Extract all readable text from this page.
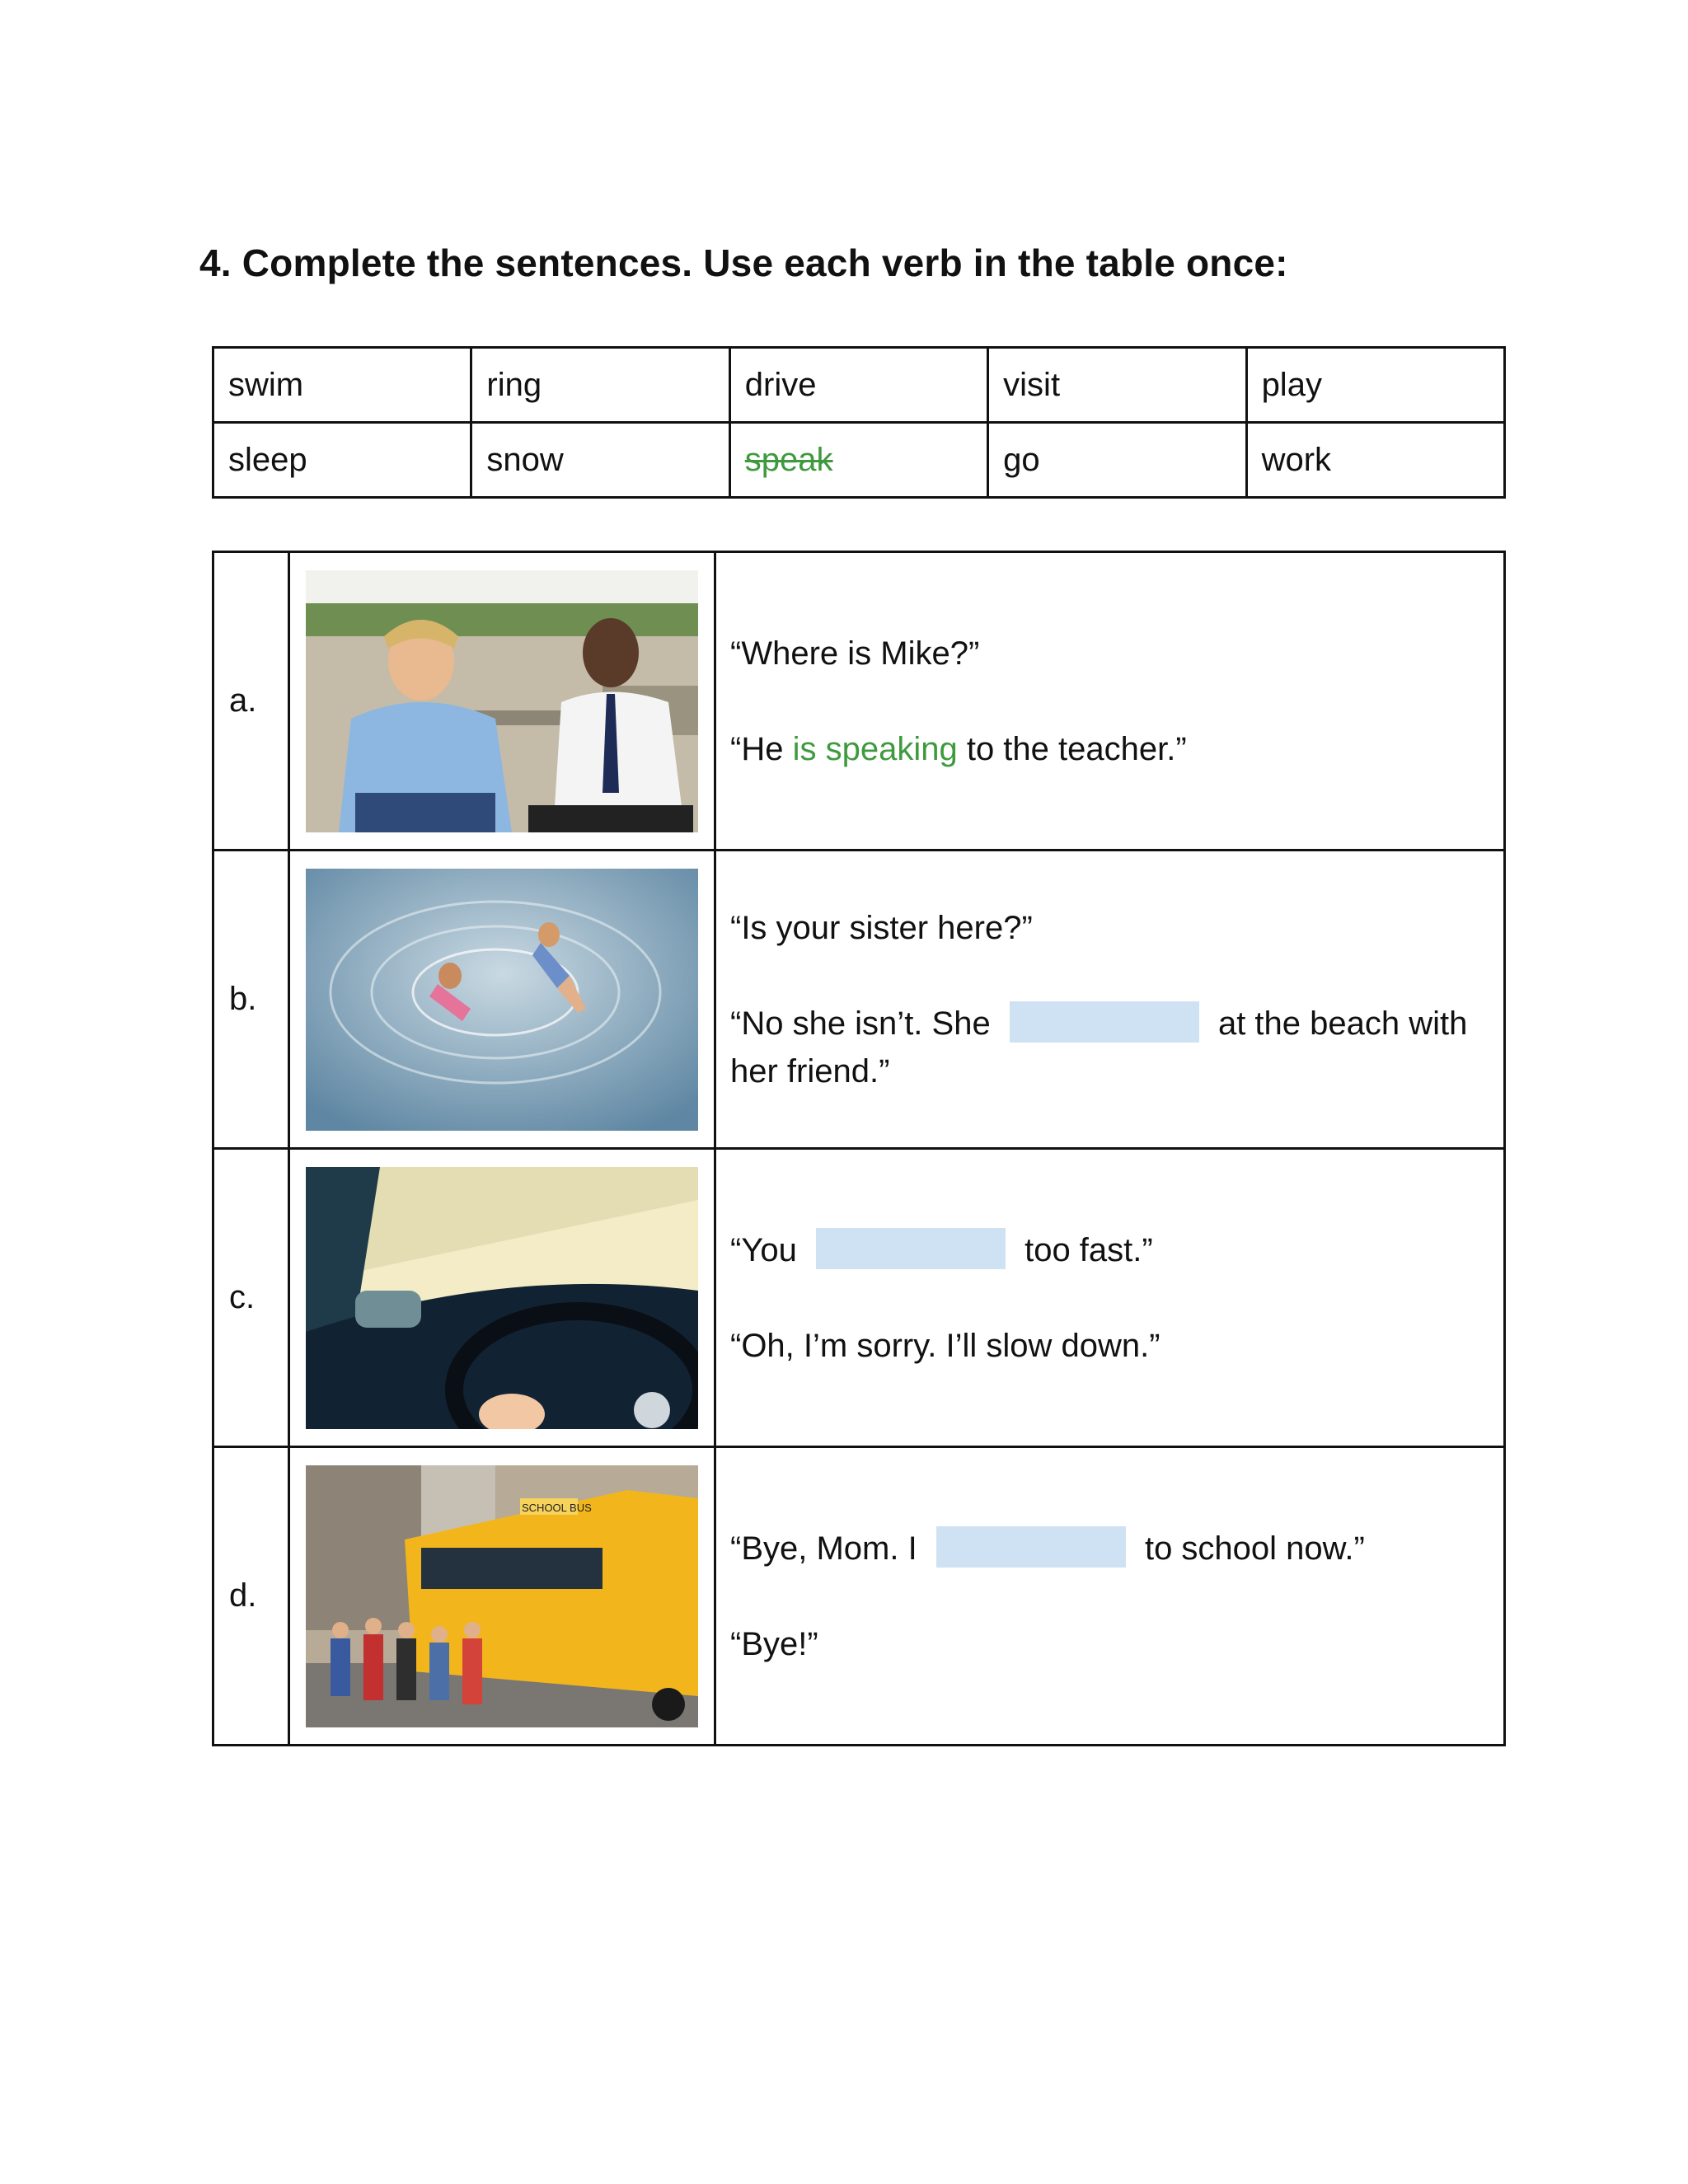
4. Complete the sentences. Use each verb in the table once:
swim	ring	drive	visit	play
sleep	snow	speak	go	work
a.		“Where is Mike?”

“He is speaking to the teacher.”

b.		“Is your sister here?”

“No she isn’t. She at the beach with her friend.”

c.		“You too fast.”

“Oh, I’m sorry. I’ll slow down.”

d.	SCHOOL BUS	“Bye, Mom. I to school now.”

“Bye!”
